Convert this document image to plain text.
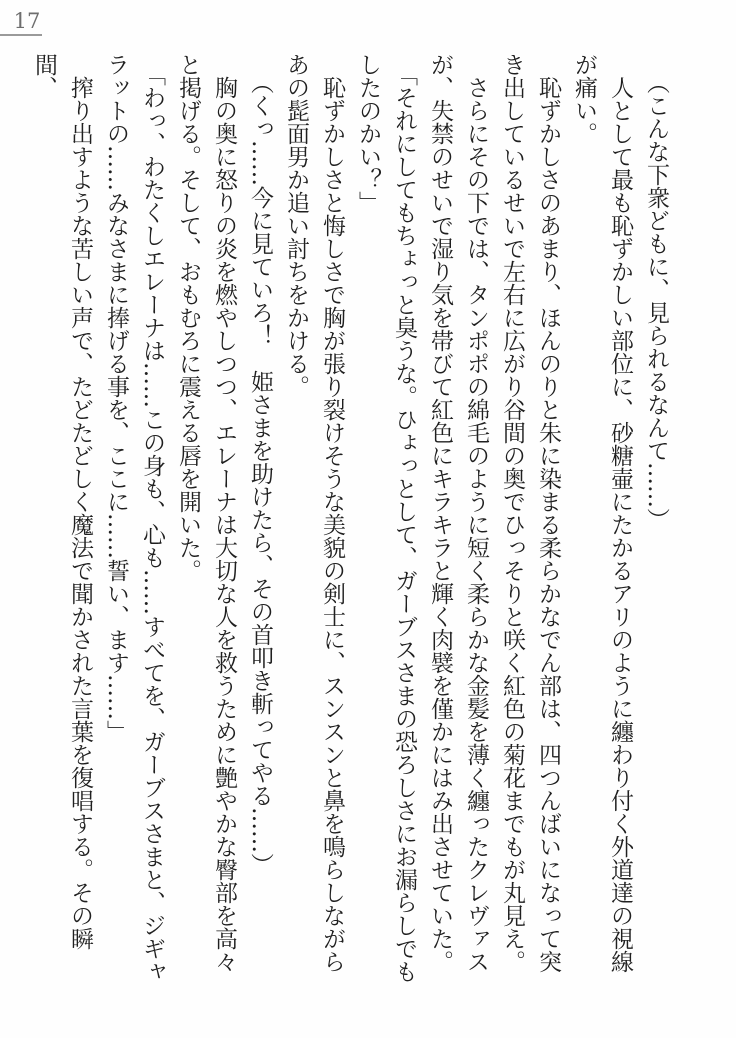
17

（こんな下衆どもに、見られるなんて……）

人として最も恥ずかしい部位に、砂糖壷にたかるアリのように纏わり付く外道達の視線が痛い。

恥ずかしさのあまり、ほんのりと朱に染まる柔らかなでん部は、四つんばいになって突き出しているせいで左右に広がり谷間の奥でひっそりと咲く紅色の菊花までもが丸見え。

さらにその下では、タンポポの綿毛のように短く柔らかな金髪を薄く纏ったクレヴァスが、失禁のせいで湿り気を帯びて紅色にキラキラと輝く肉襞を僅かにはみ出させていた。

「それにしてもちょっと臭うな。ひょっとして、ガーブスさまの恐ろしさにお漏らしでもしたのかい？」

恥ずかしさと悔しさで胸が張り裂けそうな美貌の剣士に、スンスンと鼻を鳴らしながらあの髭面男か追い討ちをかける。

（くっ……今に見ていろ！　姫さまを助けたら、その首叩き斬ってやる……）

胸の奥に怒りの炎を燃やしつつ、エレーナは大切な人を救うために艶やかな臀部を高々と掲げる。そして、おもむろに震える唇を開いた。

「わっ、わたくしエレーナは……この身も、心も……すべてを、ガーブスさまと、ジギャラットの……みなさまに捧げる事を、ここに……誓い、ます……」

搾り出すような苦しい声で、たどたどしく魔法で聞かされた言葉を復唱する。その瞬間、
